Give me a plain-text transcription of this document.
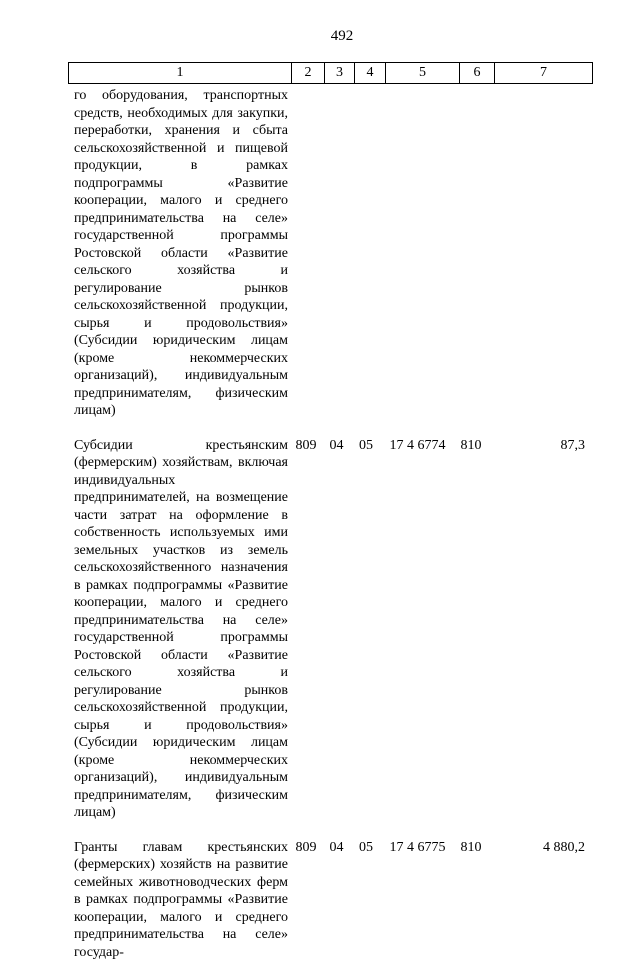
492
1	2	3	4	5	6	7
го оборудования, транспортных средств, необходимых для закупки, переработки, хранения и сбыта сельскохозяйственной и пищевой продукции, в рамках подпрограммы «Развитие кооперации, малого и среднего предпринимательства на селе» государственной программы Ростовской области «Развитие сельского хозяйства и регулирование рынков сельскохозяйственной продукции, сырья и продовольствия» (Субсидии юридическим лицам (кроме некоммерческих организаций), индивидуальным предпринимателям, физическим лицам)						

Субсидии крестьянским (фермерским) хозяйствам, включая индивидуальных предпринимателей, на возмещение части затрат на оформление в собственность используемых ими земельных участков из земель сельскохозяйственного назначения в рамках подпрограммы «Развитие кооперации, малого и среднего предпринимательства на селе» государственной программы Ростовской области «Развитие сельского хозяйства и регулирование рынков сельскохозяйственной продукции, сырья и продовольствия» (Субсидии юридическим лицам (кроме некоммерческих организаций), индивидуальным предпринимателям, физическим лицам)	809	04	05	17 4 6774	810	87,3

Гранты главам крестьянских (фермерских) хозяйств на развитие семейных животноводческих ферм в рамках подпрограммы «Развитие кооперации, малого и среднего предпринимательства на селе» государ-	809	04	05	17 4 6775	810	4 880,2
